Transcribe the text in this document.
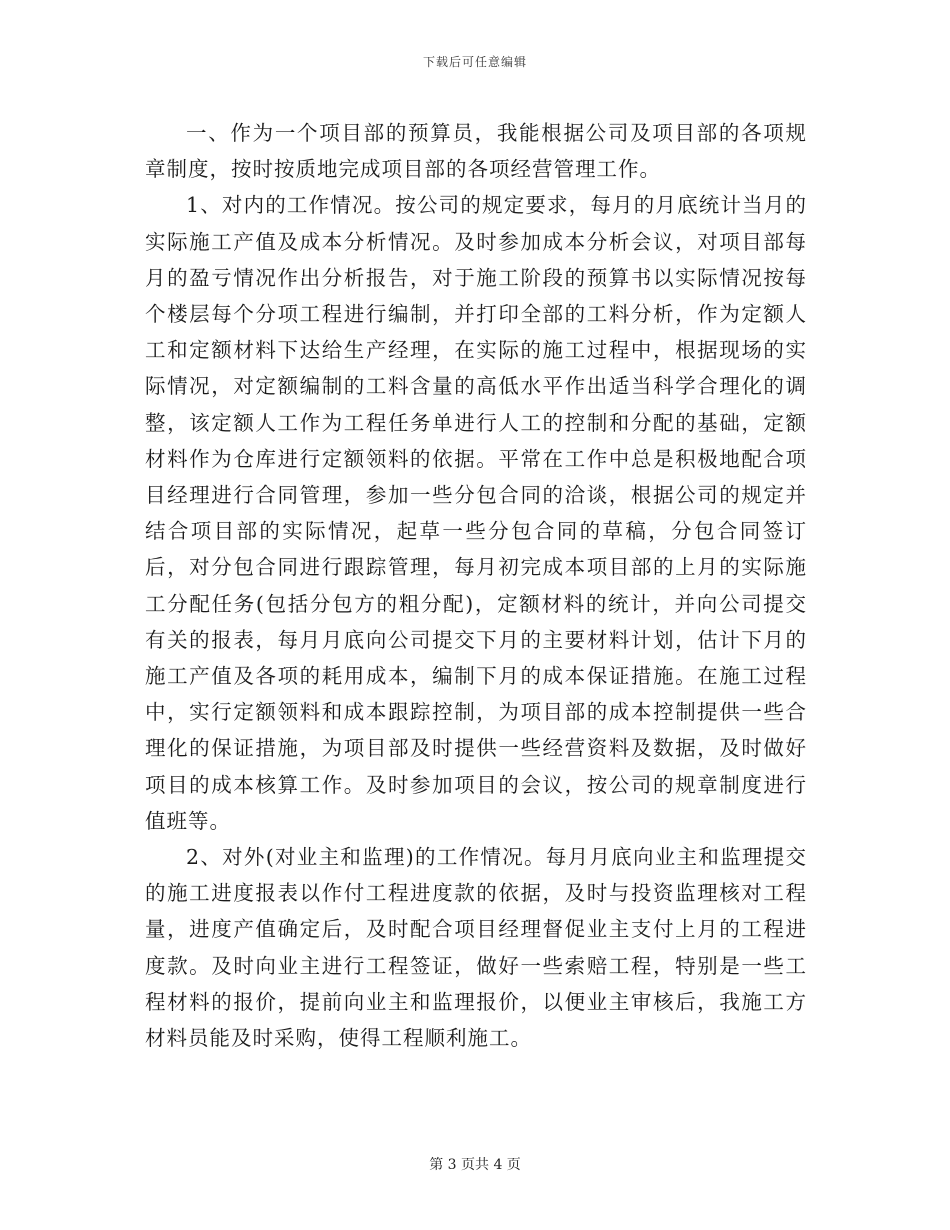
下载后可任意编辑

一、作为一个项目部的预算员，我能根据公司及项目部的各项规章制度，按时按质地完成项目部的各项经营管理工作。

1、对内的工作情况。按公司的规定要求，每月的月底统计当月的实际施工产值及成本分析情况。及时参加成本分析会议，对项目部每月的盈亏情况作出分析报告，对于施工阶段的预算书以实际情况按每个楼层每个分项工程进行编制，并打印全部的工料分析，作为定额人工和定额材料下达给生产经理，在实际的施工过程中，根据现场的实际情况，对定额编制的工料含量的高低水平作出适当科学合理化的调整，该定额人工作为工程任务单进行人工的控制和分配的基础，定额材料作为仓库进行定额领料的依据。平常在工作中总是积极地配合项目经理进行合同管理，参加一些分包合同的洽谈，根据公司的规定并结合项目部的实际情况，起草一些分包合同的草稿，分包合同签订后，对分包合同进行跟踪管理，每月初完成本项目部的上月的实际施工分配任务(包括分包方的粗分配)，定额材料的统计，并向公司提交有关的报表，每月月底向公司提交下月的主要材料计划，估计下月的施工产值及各项的耗用成本，编制下月的成本保证措施。在施工过程中，实行定额领料和成本跟踪控制，为项目部的成本控制提供一些合理化的保证措施，为项目部及时提供一些经营资料及数据，及时做好项目的成本核算工作。及时参加项目的会议，按公司的规章制度进行值班等。

2、对外(对业主和监理)的工作情况。每月月底向业主和监理提交的施工进度报表以作付工程进度款的依据，及时与投资监理核对工程量，进度产值确定后，及时配合项目经理督促业主支付上月的工程进度款。及时向业主进行工程签证，做好一些索赔工程，特别是一些工程材料的报价，提前向业主和监理报价，以便业主审核后，我施工方材料员能及时采购，使得工程顺利施工。

第 3 页共 4 页
